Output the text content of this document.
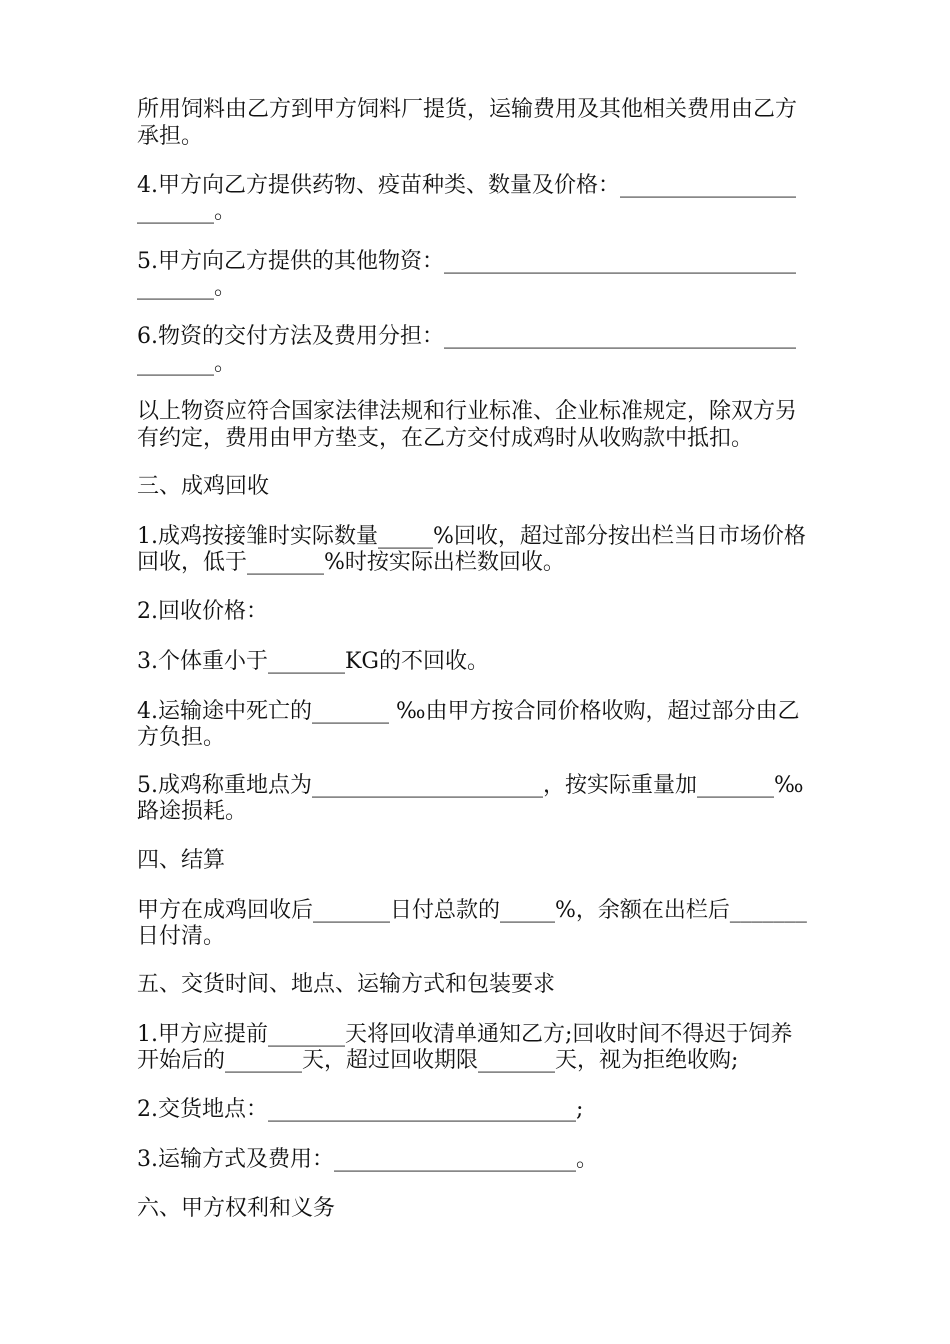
所用饲料由乙方到甲方饲料厂提货，运输费用及其他相关费用由乙方
承担。
4.甲方向乙方提供药物、疫苗种类、数量及价格：________________
_______。
5.甲方向乙方提供的其他物资：________________________________
_______。
6.物资的交付方法及费用分担：________________________________
_______。
以上物资应符合国家法律法规和行业标准、企业标准规定，除双方另
有约定，费用由甲方垫支，在乙方交付成鸡时从收购款中抵扣。
三、成鸡回收
1.成鸡按接雏时实际数量_____%回收，超过部分按出栏当日市场价格
回收，低于_______%时按实际出栏数回收。
2.回收价格：
3.个体重小于_______KG的不回收。
4.运输途中死亡的_______ ‰由甲方按合同价格收购，超过部分由乙
方负担。
5.成鸡称重地点为_____________________，按实际重量加_______‰
路途损耗。
四、结算
甲方在成鸡回收后_______日付总款的_____%，余额在出栏后_______
日付清。
五、交货时间、地点、运输方式和包装要求
1.甲方应提前_______天将回收清单通知乙方;回收时间不得迟于饲养
开始后的_______天，超过回收期限_______天，视为拒绝收购;
2.交货地点：____________________________;
3.运输方式及费用：______________________。
六、甲方权利和义务
